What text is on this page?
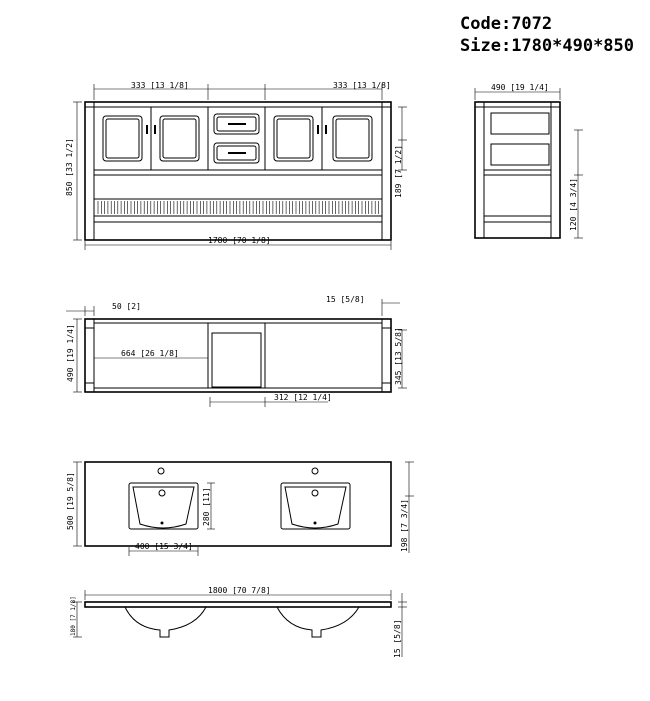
Code:7072
Size:1780*490*850
333 [13 1/8]	333 [13 1/8]
1780 [70 1/8]
850 [33 1/2]	189 [7 1/2]
490 [19 1/4]
120 [4 3/4]
50 [2]
15 [5/8]
664 [26 1/8]
490 [19 1/4]	345 [13 5/8]
312 [12 1/4]
500 [19 5/8]	280 [11]
400 [15 3/4]	198 [7 3/4]
1800 [70 7/8]
180 [7 1/8]
15 [5/8]
